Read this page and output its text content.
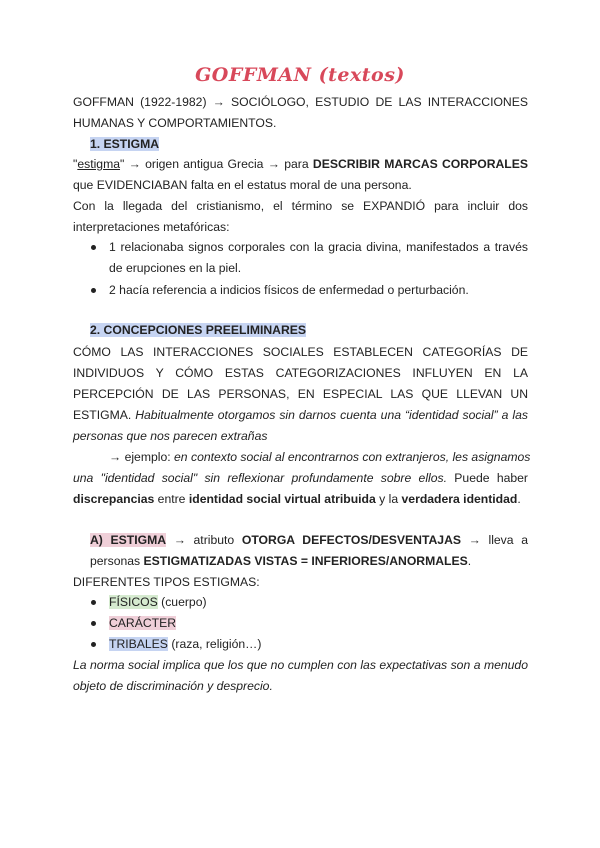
GOFFMAN (textos)
GOFFMAN (1922-1982) → SOCIÓLOGO, ESTUDIO DE LAS INTERACCIONES
HUMANAS Y COMPORTAMIENTOS.
1. ESTIGMA
"estigma" → origen antigua Grecia → para DESCRIBIR MARCAS CORPORALES
que EVIDENCIABAN falta en el estatus moral de una persona.
Con la llegada del cristianismo, el término se EXPANDIÓ para incluir dos
interpretaciones metafóricas:
1 relacionaba signos corporales con la gracia divina, manifestados a través
de erupciones en la piel.
2 hacía referencia a indicios físicos de enfermedad o perturbación.
2. CONCEPCIONES PREELIMINARES
CÓMO LAS INTERACCIONES SOCIALES ESTABLECEN CATEGORÍAS DE
INDIVIDUOS Y CÓMO ESTAS CATEGORIZACIONES INFLUYEN EN LA
PERCEPCIÓN DE LAS PERSONAS, EN ESPECIAL LAS QUE LLEVAN UN
ESTIGMA. Habitualmente otorgamos sin darnos cuenta una “identidad social” a las
personas que nos parecen extrañas
→ ejemplo: en contexto social al encontrarnos con extranjeros, les asignamos
una "identidad social" sin reflexionar profundamente sobre ellos. Puede haber
discrepancias entre identidad social virtual atribuida y la verdadera identidad.
A) ESTIGMA → atributo OTORGA DEFECTOS/DESVENTAJAS → lleva a
personas ESTIGMATIZADAS VISTAS = INFERIORES/ANORMALES.
DIFERENTES TIPOS ESTIGMAS:
FÍSICOS (cuerpo)
CARÁCTER
TRIBALES (raza, religión…)
La norma social implica que los que no cumplen con las expectativas son a menudo
objeto de discriminación y desprecio.
